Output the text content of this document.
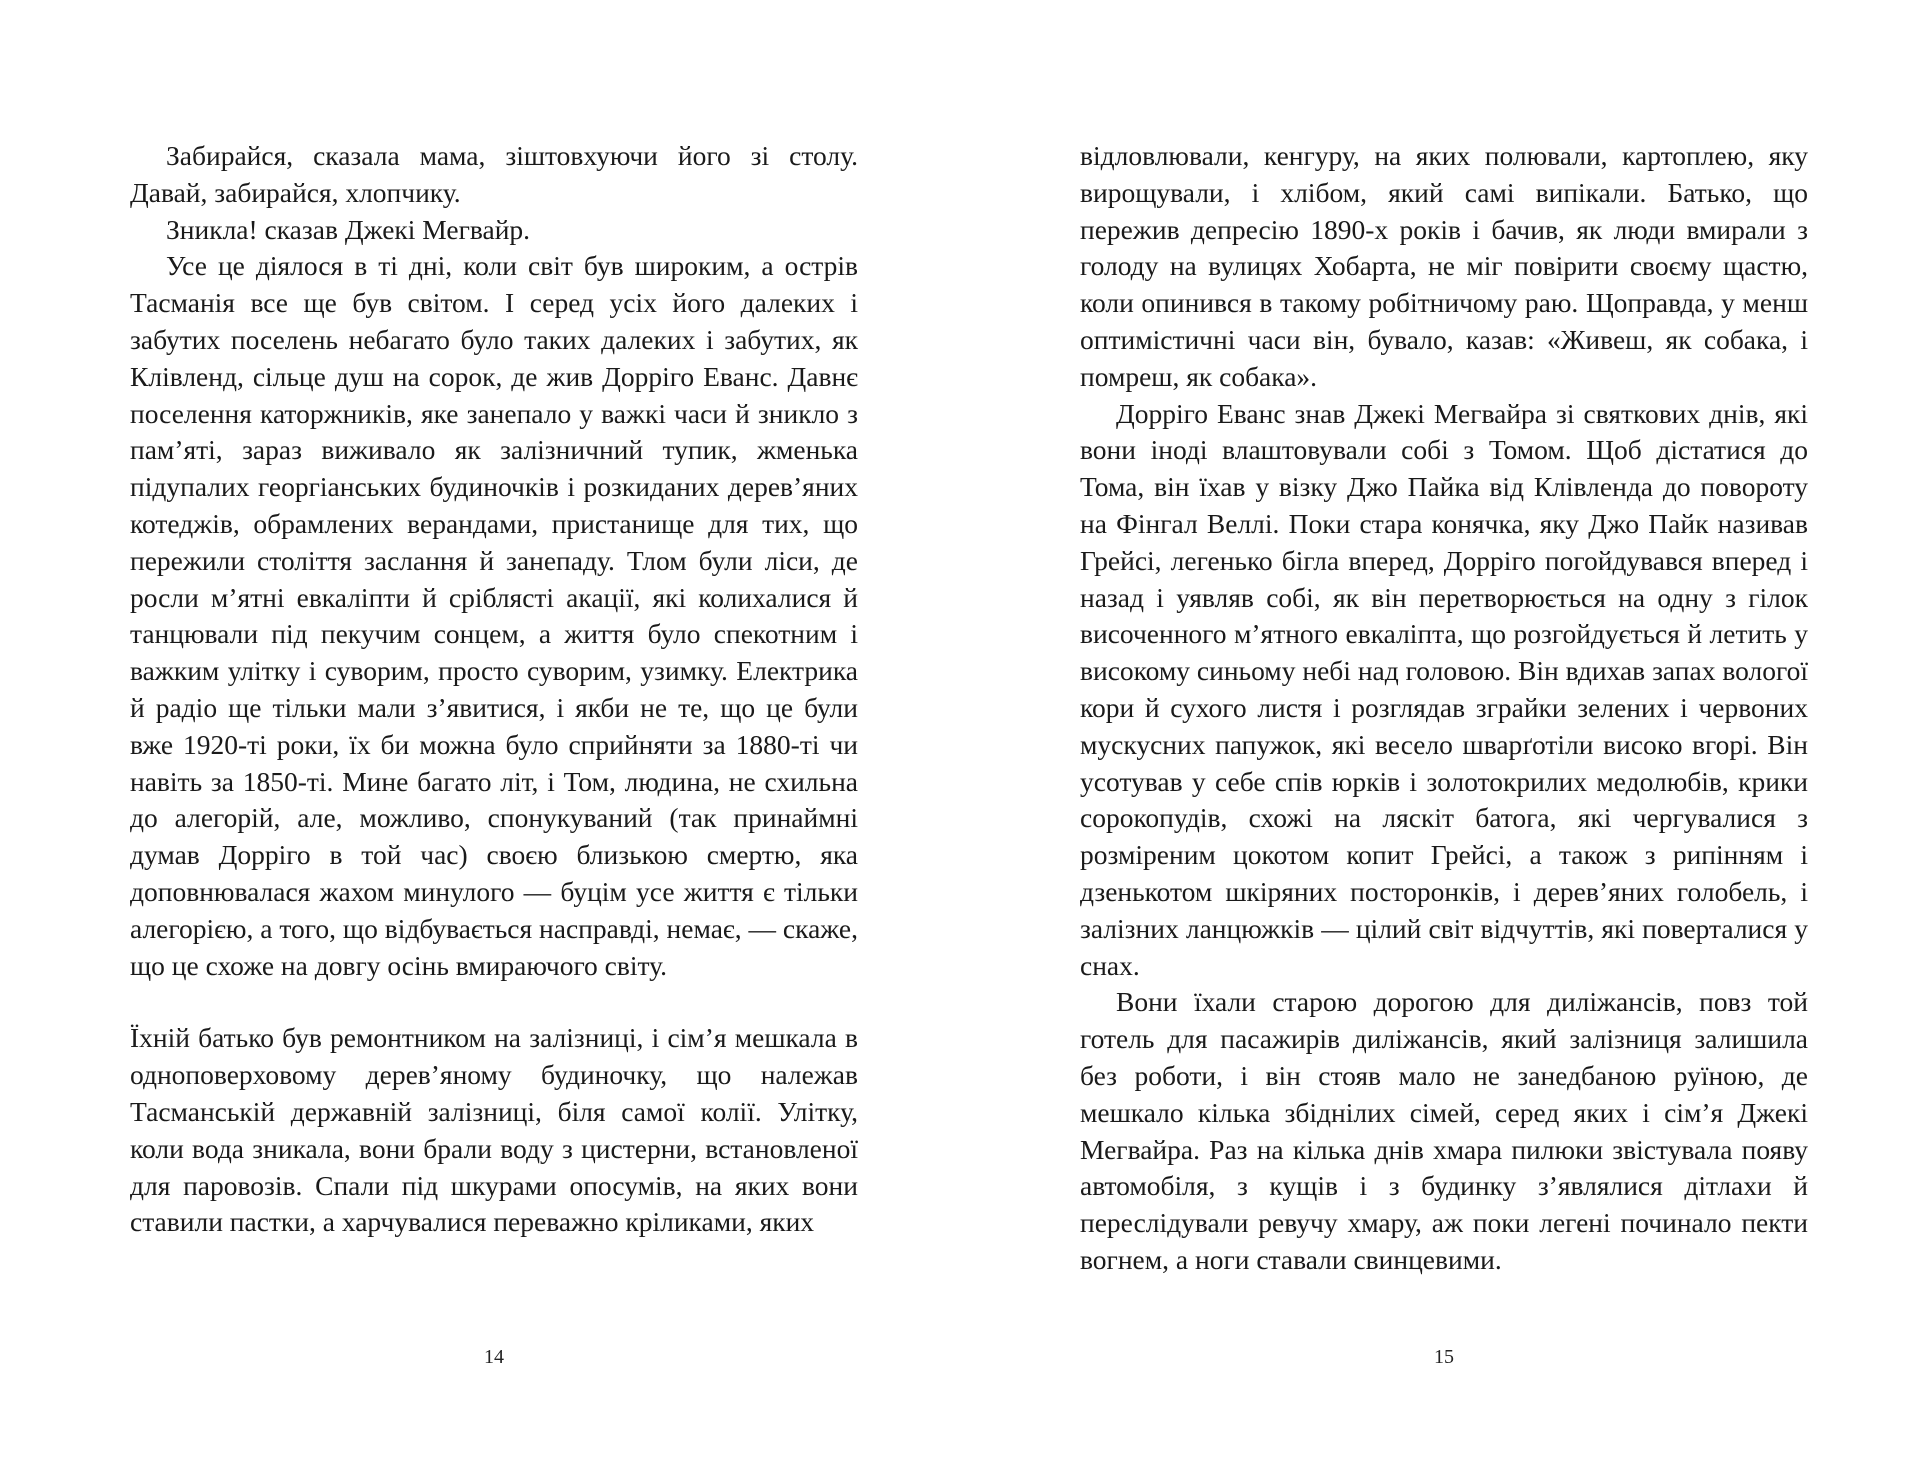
Забирайся, сказала мама, зіштовхуючи його зі столу. Давай, забирайся, хлопчику.

Зникла! сказав Джекі Мегвайр.

Усе це діялося в ті дні, коли світ був широким, а острів Тасманія все ще був світом. І серед усіх його далеких і забутих поселень небагато було таких далеких і забутих, як Клівленд, сільце душ на сорок, де жив Дорріго Еванс. Давнє поселення каторжників, яке занепало у важкі часи й зникло з пам’яті, зараз виживало як залізничний тупик, жменька підупалих георгіанських будиночків і розкиданих дерев’яних котеджів, обрамлених верандами, пристанище для тих, що пережили століття заслання й занепаду. Тлом були ліси, де росли м’ятні евкаліпти й сріблясті акації, які колихалися й танцювали під пекучим сонцем, а життя було спекотним і важким улітку і суворим, просто суворим, узимку. Електрика й радіо ще тільки мали з’явитися, і якби не те, що це були вже 1920-ті роки, їх би можна було сприйняти за 1880-ті чи навіть за 1850-ті. Мине багато літ, і Том, людина, не схильна до алегорій, але, можливо, спонукуваний (так принаймні думав Дорріго в той час) своєю близькою смертю, яка доповнювалася жахом минулого — буцім усе життя є тільки алегорією, а того, що відбувається насправді, немає, — скаже, що це схоже на довгу осінь вмираючого світу.

Їхній батько був ремонтником на залізниці, і сім’я мешкала в одноповерховому дерев’яному будиночку, що належав Тасманській державній залізниці, біля самої колії. Улітку, коли вода зникала, вони брали воду з цистерни, встановленої для паровозів. Спали під шкурами опосумів, на яких вони ставили пастки, а харчувалися переважно кріликами, яких

14

відловлювали, кенгуру, на яких полювали, картоплею, яку вирощували, і хлібом, який самі випікали. Батько, що пережив депресію 1890-х років і бачив, як люди вмирали з голоду на вулицях Хобарта, не міг повірити своєму щастю, коли опинився в такому робітничому раю. Щоправда, у менш оптимістичні часи він, бувало, казав: «Живеш, як собака, і помреш, як собака».

Дорріго Еванс знав Джекі Мегвайра зі святкових днів, які вони іноді влаштовували собі з Томом. Щоб дістатися до Тома, він їхав у візку Джо Пайка від Клівленда до повороту на Фінгал Веллі. Поки стара конячка, яку Джо Пайк називав Грейсі, легенько бігла вперед, Дорріго погойдувався вперед і назад і уявляв собі, як він перетворюється на одну з гілок височенного м’ятного евкаліпта, що розгойдується й летить у високому синьому небі над головою. Він вдихав запах вологої кори й сухого листя і розглядав зграйки зелених і червоних мускусних папужок, які весело шварґотіли високо вгорі. Він усотував у себе спів юрків і золотокрилих медолюбів, крики сорокопудів, схожі на ляскіт батога, які чергувалися з розміреним цокотом копит Грейсі, а також з рипінням і дзенькотом шкіряних посторонків, і дерев’яних голобель, і залізних ланцюжків — цілий світ відчуттів, які поверталися у снах.

Вони їхали старою дорогою для диліжансів, повз той готель для пасажирів диліжансів, який залізниця залишила без роботи, і він стояв мало не занедбаною руїною, де мешкало кілька збіднілих сімей, серед яких і сім’я Джекі Мегвайра. Раз на кілька днів хмара пилюки звістувала появу автомобіля, з кущів і з будинку з’являлися дітлахи й переслідували ревучу хмару, аж поки легені починало пекти вогнем, а ноги ставали свинцевими.

15
